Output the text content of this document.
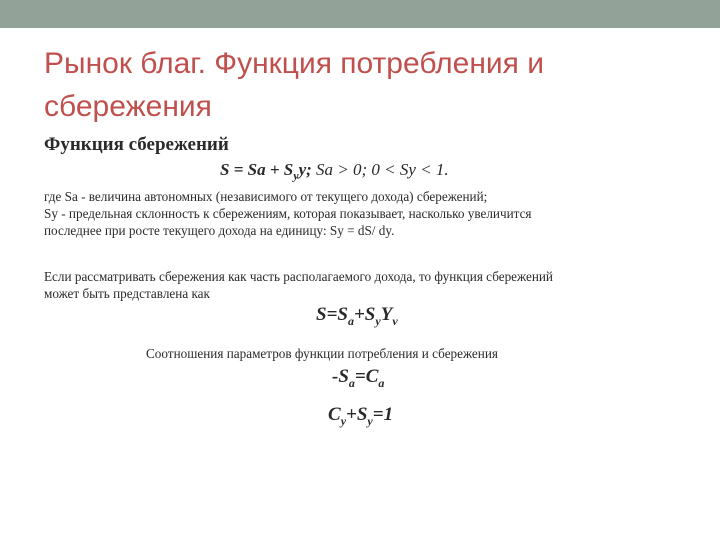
Рынок благ. Функция потребления и
сбережения
Функция сбережений
$S = Sa + S_yy$; Sa > 0; 0 < Sy < 1.
где Sa - величина автономных (независимого от текущего дохода) сбережений;
Sy - предельная склонность к сбережениям, которая показывает, насколько увеличится
последнее при росте текущего дохода на единицу: Sy = dS/ dy.
Если рассматривать сбережения как часть располагаемого дохода, то функция сбережений
может быть представлена как
$S=S_a+S_yY_v$
Соотношения параметров функции потребления и сбережения
$-S_a=C_a$
$C_y+S_y=1$
